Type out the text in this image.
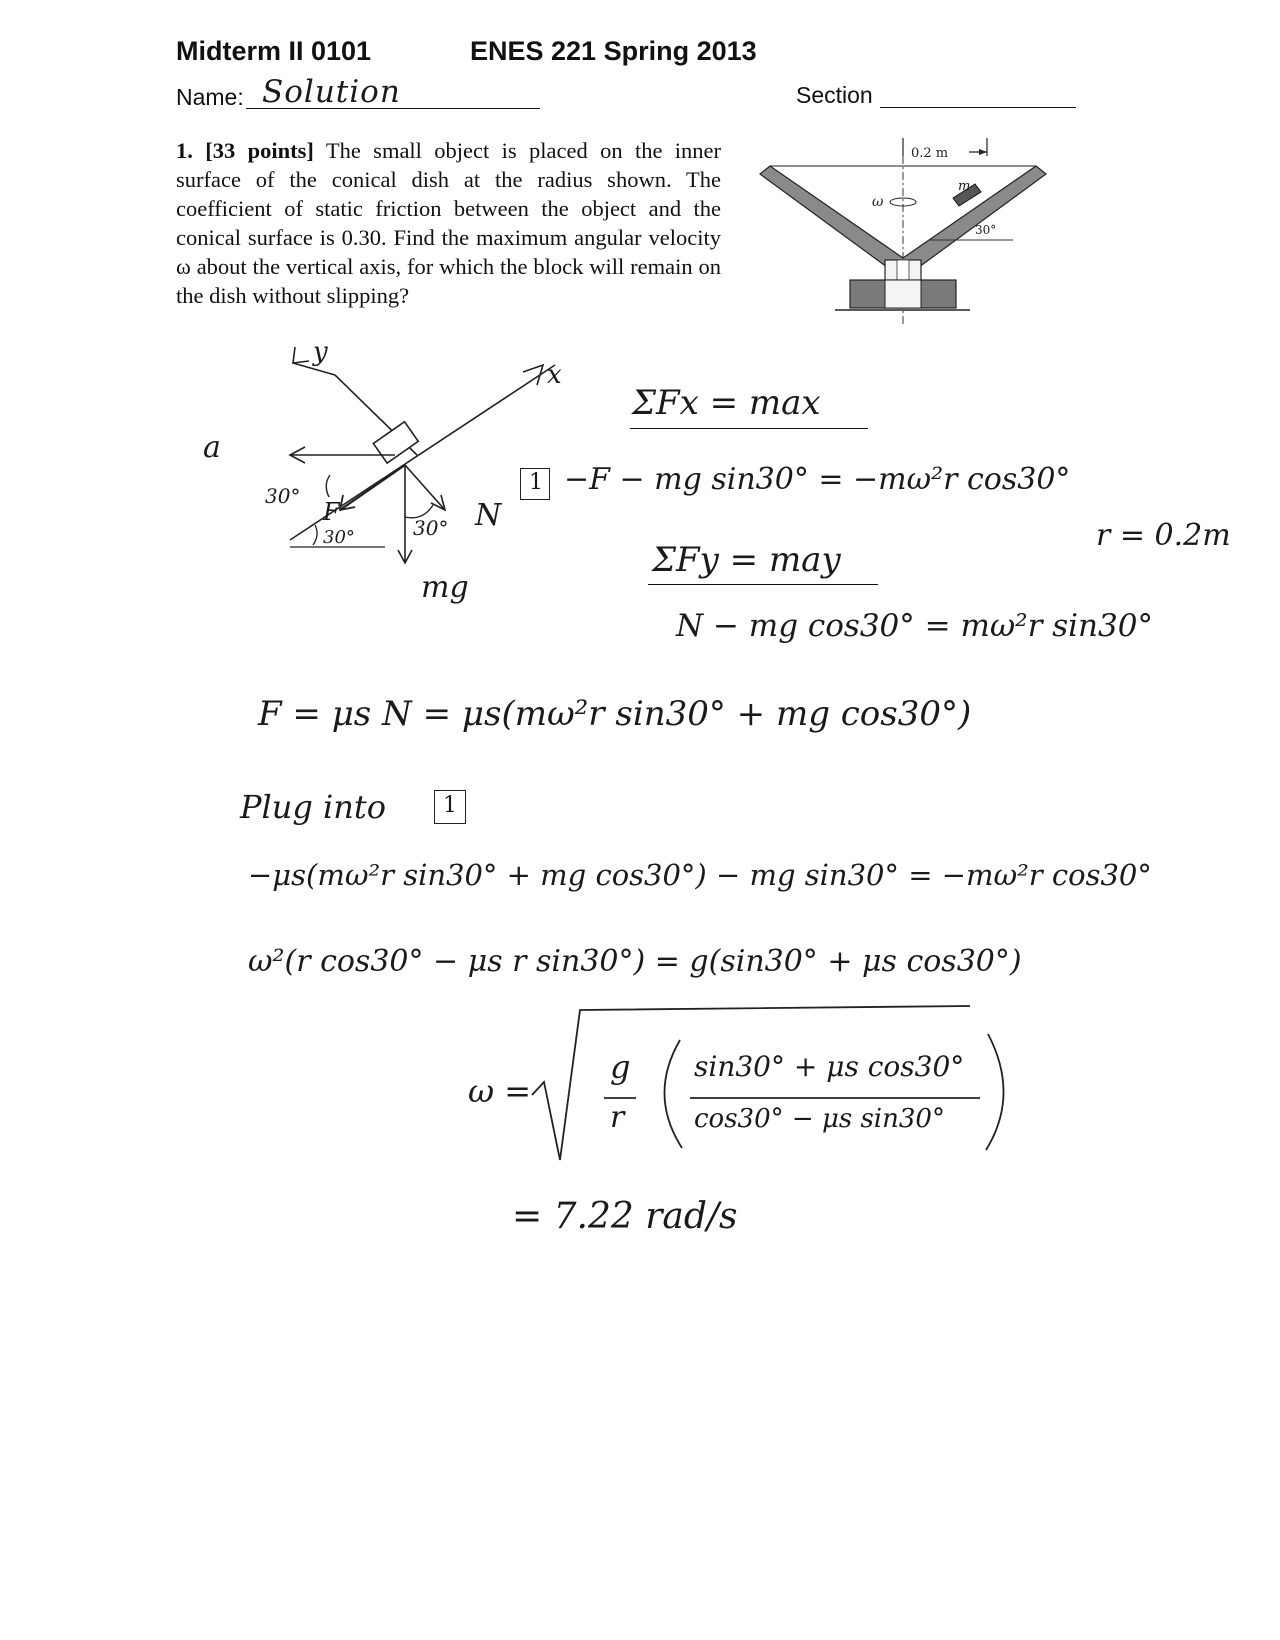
Midterm II 0101	ENES 221 Spring 2013
Name: Solution	Section
1. [33 points] The small object is placed on the inner surface of the conical dish at the radius shown. The coefficient of static friction between the object and the conical surface is 0.30. Find the maximum angular velocity ω about the vertical axis, for which the block will remain on the dish without slipping?
0.2 m
m
ω
30°
y
x
a
30°
F
30°	30° N
mg
ΣFx = max
1 −F − mg sin30° = −mω²r cos30°
r = 0.2m
ΣFy = may
N − mg cos30° = mω²r sin30°
F = μs N = μs(mω²r sin30° + mg cos30°)
Plug into	1
−μs(mω²r sin30° + mg cos30°) − mg sin30° = −mω²r cos30°
ω²(r cos30° − μs r sin30°) = g(sin30° + μs cos30°)
ω =
g
r
sin30° + μs cos30°
cos30° − μs sin30°
= 7.22 rad/s
